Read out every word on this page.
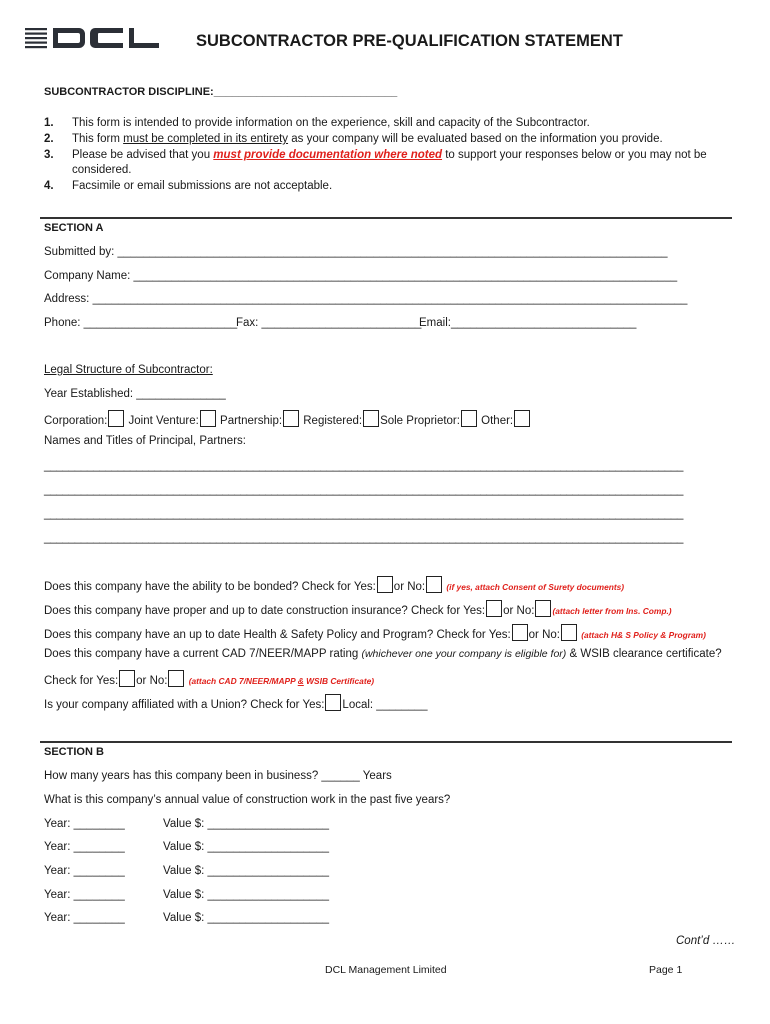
SUBCONTRACTOR PRE-QUALIFICATION STATEMENT
SUBCONTRACTOR DISCIPLINE:______________________________
1. This form is intended to provide information on the experience, skill and capacity of the Subcontractor.
2. This form must be completed in its entirety as your company will be evaluated based on the information you provide.
3. Please be advised that you must provide documentation where noted to support your responses below or you may not be
considered.
4. Facsimile or email submissions are not acceptable.
SECTION A
Submitted by: ______________________________________________________________________________________
Company Name: _____________________________________________________________________________________
Address: _____________________________________________________________________________________________
Phone: ________________________
Fax: _________________________
Email:_____________________________
Legal Structure of Subcontractor:
Year Established: ______________
Corporation: Joint Venture: Partnership: Registered: Sole Proprietor: Other:
Names and Titles of Principal, Partners:
________________________________________________________________________________________________________
________________________________________________________________________________________________________
________________________________________________________________________________________________________
________________________________________________________________________________________________________
Does this company have the ability to be bonded? Check for Yes: or No:	(if yes, attach Consent of Surety documents)
Does this company have proper and up to date construction insurance? Check for Yes: or No: (attach letter from Ins. Comp.)
Does this company have an up to date Health & Safety Policy and Program? Check for Yes: or No:	(attach H& S Policy & Program)
Does this company have a current CAD 7/NEER/MAPP rating (whichever one your company is eligible for) & WSIB clearance certificate?
Check for Yes: or No:	(attach CAD 7/NEER/MAPP & WSIB Certificate)
Is your company affiliated with a Union? Check for Yes: Local: ________
SECTION B
How many years has this company been in business? ______ Years
What is this company’s annual value of construction work in the past five years?
Year: ________	Value $: ___________________
Year: ________	Value $: ___________________
Year: ________	Value $: ___________________
Year: ________	Value $: ___________________
Year: ________	Value $: ___________________
Cont’d ……
DCL Management Limited	Page 1
